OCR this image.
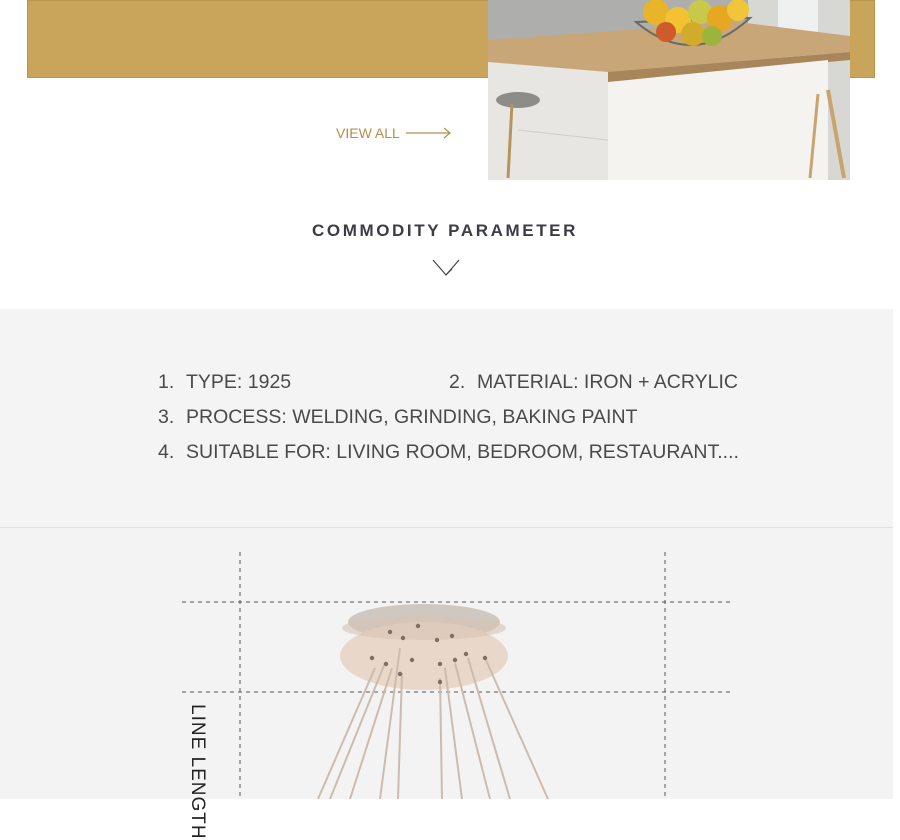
VIEW ALL
COMMODITY PARAMETER
1. TYPE: 1925	2. MATERIAL: IRON + ACRYLIC
3. PROCESS: WELDING, GRINDING, BAKING PAINT
4. SUITABLE FOR: LIVING ROOM, BEDROOM, RESTAURANT....
LINE LENGTH
